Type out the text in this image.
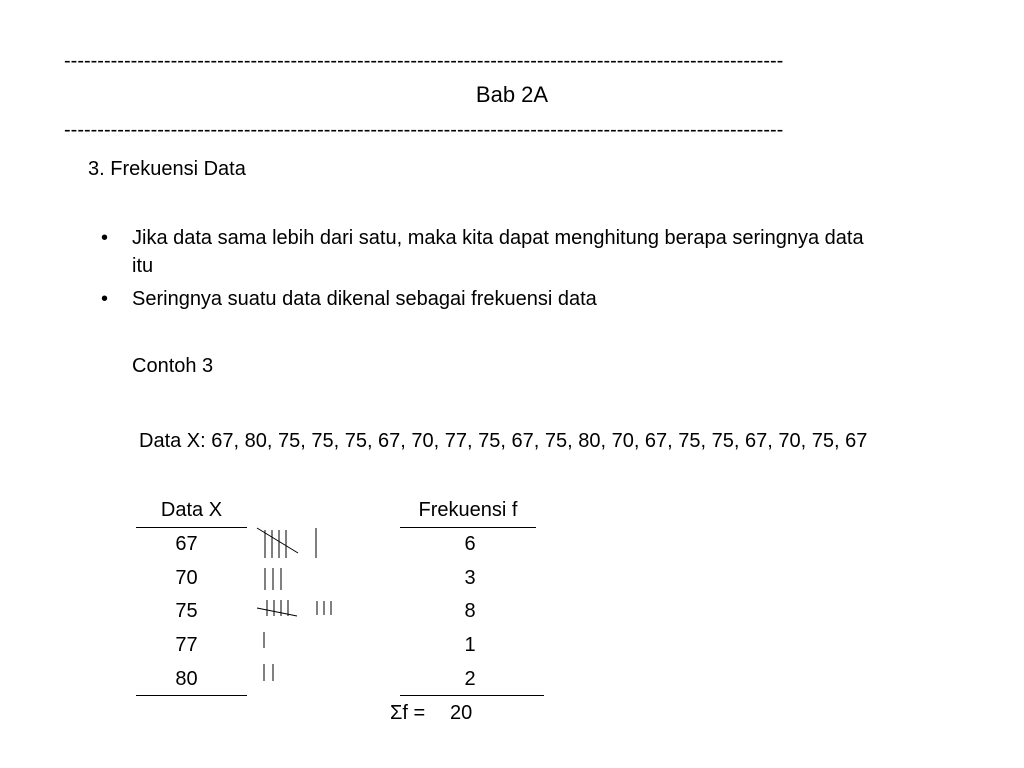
------------------------------------------------------------------------------------------------------------
Bab 2A
------------------------------------------------------------------------------------------------------------
3. Frekuensi Data
• Jika data sama lebih dari satu, maka kita dapat menghitung berapa seringnya data
itu
• Seringnya suatu data dikenal sebagai frekuensi data
Contoh 3
Data X: 67, 80, 75, 75, 75, 67, 70, 77, 75, 67, 75, 80, 70, 67, 75, 75, 67, 70, 75, 67
Data X	Frekuensi f
67	6
70	3
75	8
77	1
80	2
Σf = 20
